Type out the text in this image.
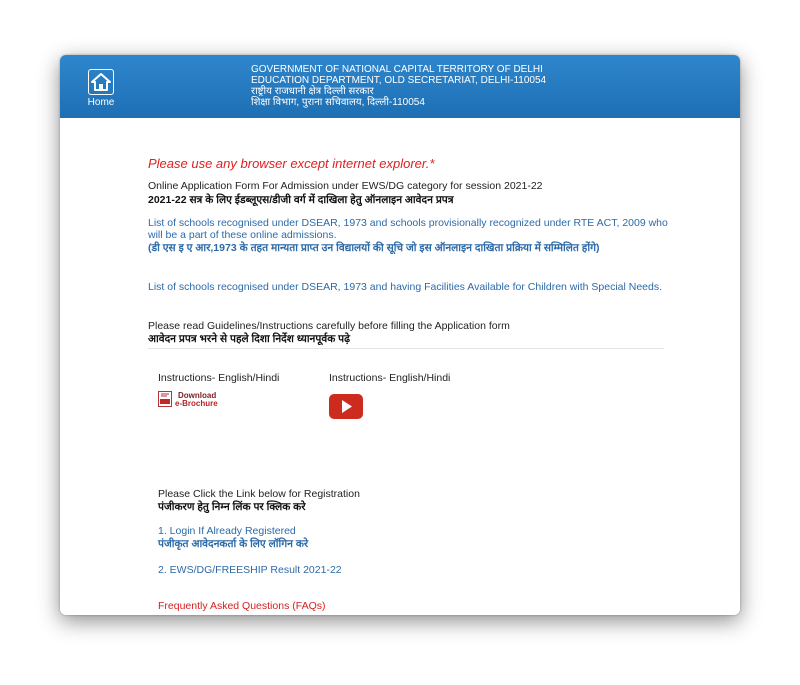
Home
GOVERNMENT OF NATIONAL CAPITAL TERRITORY OF DELHI
EDUCATION DEPARTMENT, OLD SECRETARIAT, DELHI-110054
राष्ट्रीय राजधानी क्षेत्र दिल्ली सरकार
शिक्षा विभाग, पुराना सचिवालय, दिल्ली-110054
Please use any browser except internet explorer.*
Online Application Form For Admission under EWS/DG category for session 2021-22
2021-22 सत्र के लिए ईडब्लूएस/डीजी वर्ग में दाखिला हेतु ऑनलाइन आवेदन प्रपत्र
List of schools recognised under DSEAR, 1973 and schools provisionally recognized under RTE ACT, 2009 who
will be a part of these online admissions.
(डी एस इ ए आर,1973 के तहत मान्यता प्राप्त उन विद्यालयों की सूचि जो इस ऑनलाइन दाखिता प्रक्रिया में सम्मिलित होंगे)
List of schools recognised under DSEAR, 1973 and having Facilities Available for Children with Special Needs.
Please read Guidelines/Instructions carefully before filling the Application form
आवेदन प्रपत्र भरने से पहले दिशा निर्देश ध्यानपूर्वक पढ़े
Instructions- English/Hindi	Instructions- English/Hindi
Download
e-Brochure
Please Click the Link below for Registration
पंजीकरण हेतु निम्न लिंक पर क्लिक करे
1. Login If Already Registered
पंजीकृत आवेदनकर्ता के लिए लॉगिन करे
2. EWS/DG/FREESHIP Result 2021-22
Frequently Asked Questions (FAQs)
